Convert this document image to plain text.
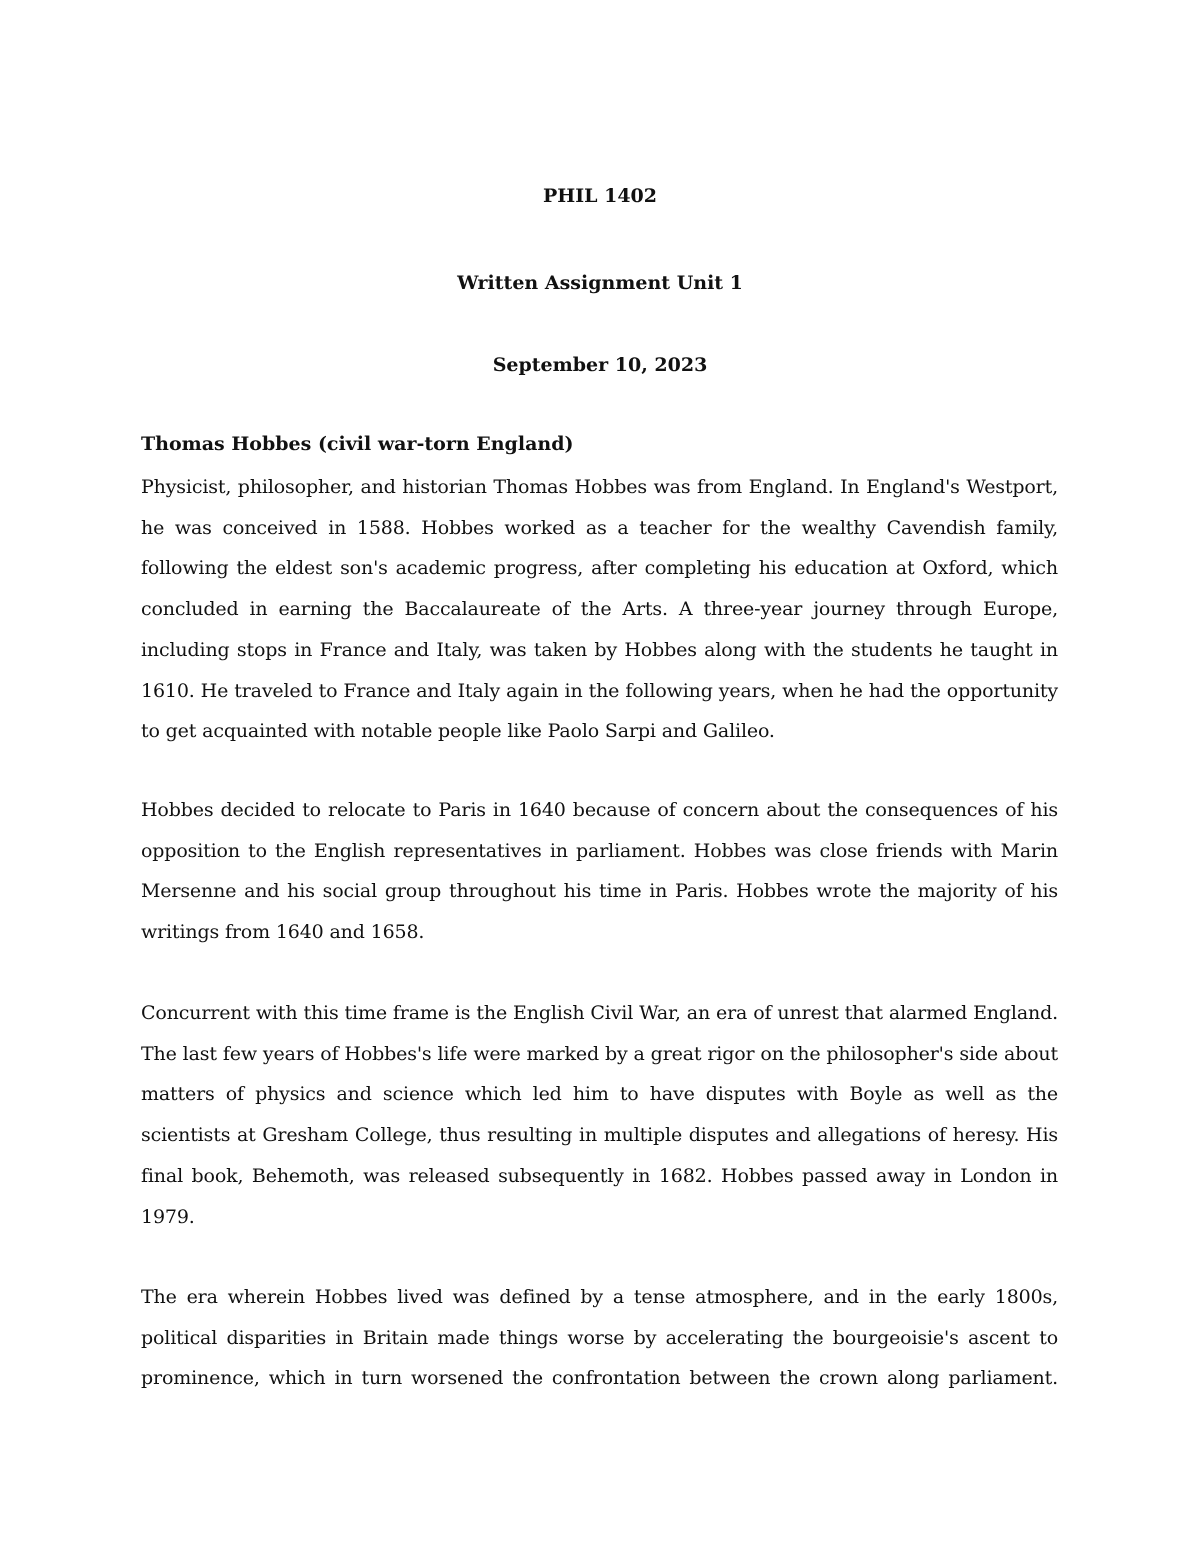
PHIL 1402
Written Assignment Unit 1
September 10, 2023
Thomas Hobbes (civil war-torn England)

Physicist, philosopher, and historian Thomas Hobbes was from England. In England's Westport, he was conceived in 1588. Hobbes worked as a teacher for the wealthy Cavendish family, following the eldest son's academic progress, after completing his education at Oxford, which concluded in earning the Baccalaureate of the Arts. A three-year journey through Europe, including stops in France and Italy, was taken by Hobbes along with the students he taught in 1610. He traveled to France and Italy again in the following years, when he had the opportunity to get acquainted with notable people like Paolo Sarpi and Galileo.

Hobbes decided to relocate to Paris in 1640 because of concern about the consequences of his opposition to the English representatives in parliament. Hobbes was close friends with Marin Mersenne and his social group throughout his time in Paris. Hobbes wrote the majority of his writings from 1640 and 1658.

Concurrent with this time frame is the English Civil War, an era of unrest that alarmed England. The last few years of Hobbes's life were marked by a great rigor on the philosopher's side about matters of physics and science which led him to have disputes with Boyle as well as the scientists at Gresham College, thus resulting in multiple disputes and allegations of heresy. His final book, Behemoth, was released subsequently in 1682. Hobbes passed away in London in 1979.

The era wherein Hobbes lived was defined by a tense atmosphere, and in the early 1800s, political disparities in Britain made things worse by accelerating the bourgeoisie's ascent to prominence, which in turn worsened the confrontation between the crown along parliament.
